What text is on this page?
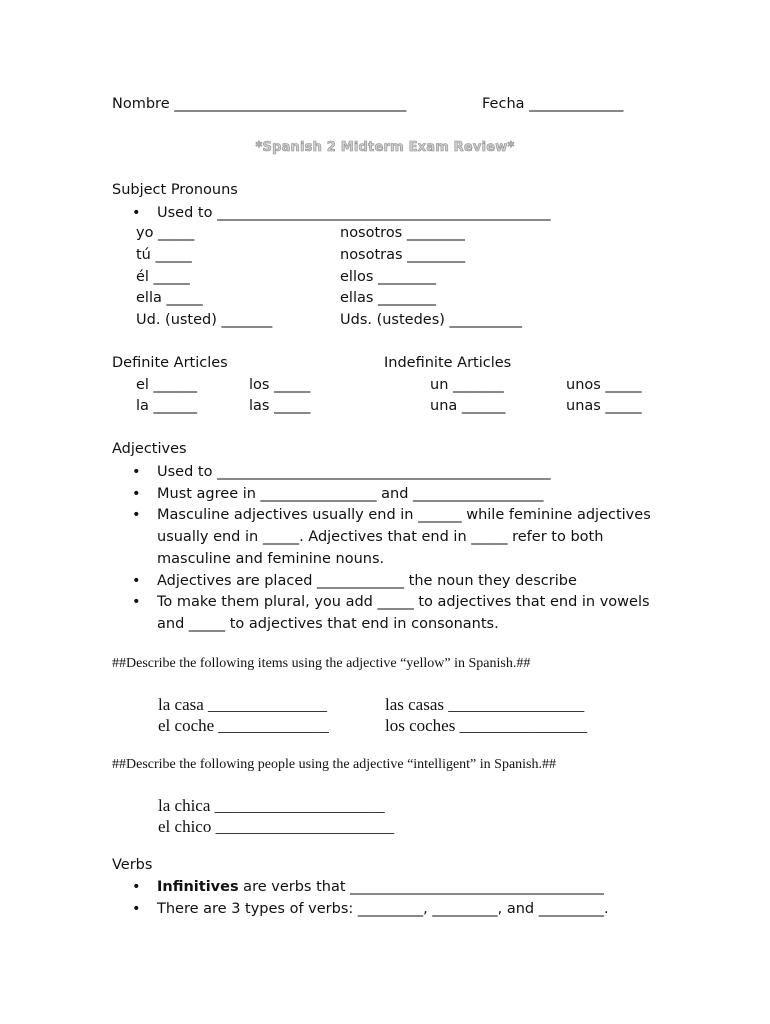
Nombre ________________________________	Fecha _____________
*Spanish 2 Midterm Exam Review*
Subject Pronouns
• Used to ______________________________________________
yo _____
tú _____
él _____
ella _____
Ud. (usted) _______
nosotros ________
nosotras ________
ellos ________
ellas ________
Uds. (ustedes) __________
Definite Articles	Indefinite Articles
el ______
la ______
los _____
las _____
un _______
una ______
unos _____
unas _____
Adjectives
• Used to ______________________________________________
• Must agree in ________________ and __________________
• Masculine adjectives usually end in ______ while feminine adjectives usually end in _____. Adjectives that end in _____ refer to both masculine and feminine nouns.
• Adjectives are placed ____________ the noun they describe
• To make them plural, you add _____ to adjectives that end in vowels and _____ to adjectives that end in consonants.
##Describe the following items using the adjective “yellow” in Spanish.##
la casa ______________
el coche _____________
las casas ________________
los coches _______________
##Describe the following people using the adjective “intelligent” in Spanish.##
la chica ____________________
el chico _____________________
Verbs
• Infinitives are verbs that ___________________________________
• There are 3 types of verbs: _________, _________, and _________.
